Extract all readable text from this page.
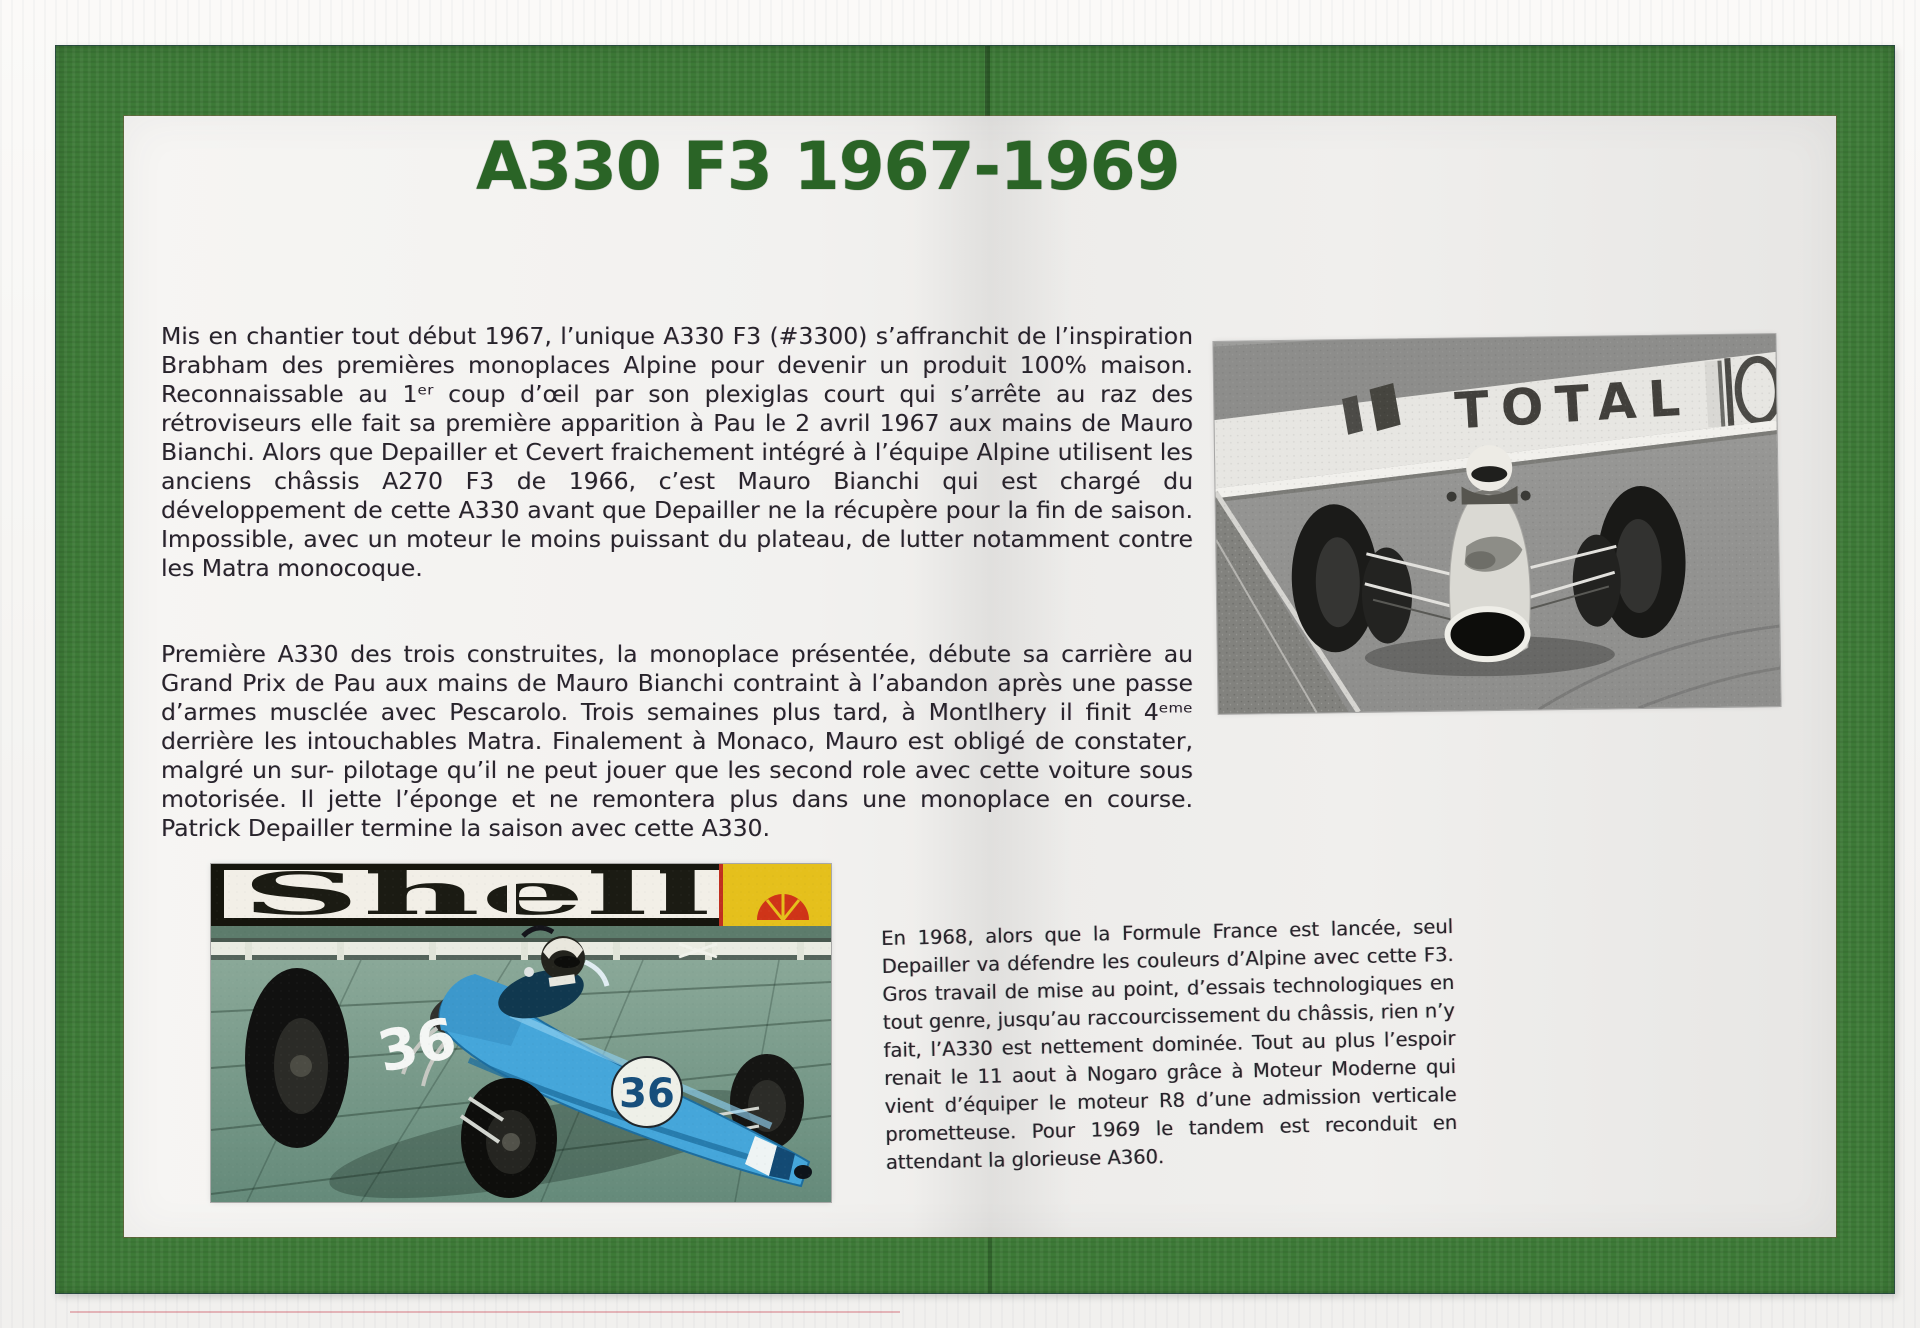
A330 F3 1967-1969

Mis en chantier tout début 1967, l’unique A330 F3 (#3300) s’affranchit de l’inspiration Brabham des premières monoplaces Alpine pour devenir un produit 100% maison. Reconnaissable au 1ᵉʳ coup d’œil par son plexiglas court qui s’arrête au raz des rétroviseurs elle fait sa première apparition à Pau le 2 avril 1967 aux mains de Mauro Bianchi. Alors que Depailler et Cevert fraichement intégré à l’équipe Alpine utilisent les anciens châssis A270 F3 de 1966, c’est Mauro Bianchi qui est chargé du développement de cette A330 avant que Depailler ne la récupère pour la fin de saison. Impossible, avec un moteur le moins puissant du plateau, de lutter notamment contre les Matra monocoque.

Première A330 des trois construites, la monoplace présentée, débute sa carrière au Grand Prix de Pau aux mains de Mauro Bianchi contraint à l’abandon après une passe d’armes musclée avec Pescarolo. Trois semaines plus tard, à Montlhery il finit 4ᵉᵐᵉ derrière les intouchables Matra. Finalement à Monaco, Mauro est obligé de constater, malgré un sur- pilotage qu’il ne peut jouer que les second role avec cette voiture sous motorisée. Il jette l’éponge et ne remontera plus dans une monoplace en course. Patrick Depailler termine la saison avec cette A330.

En 1968, alors que la Formule France est lancée, seul Depailler va défendre les couleurs d’Alpine avec cette F3. Gros travail de mise au point, d’essais technologiques en tout genre, jusqu’au raccourcissement du châssis, rien n’y fait, l’A330 est nettement dominée. Tout au plus l’espoir renait le 11 aout à Nogaro grâce à Moteur Moderne qui vient d’équiper le moteur R8 d’une admission verticale prometteuse. Pour 1969 le tandem est reconduit en attendant la glorieuse A360.
